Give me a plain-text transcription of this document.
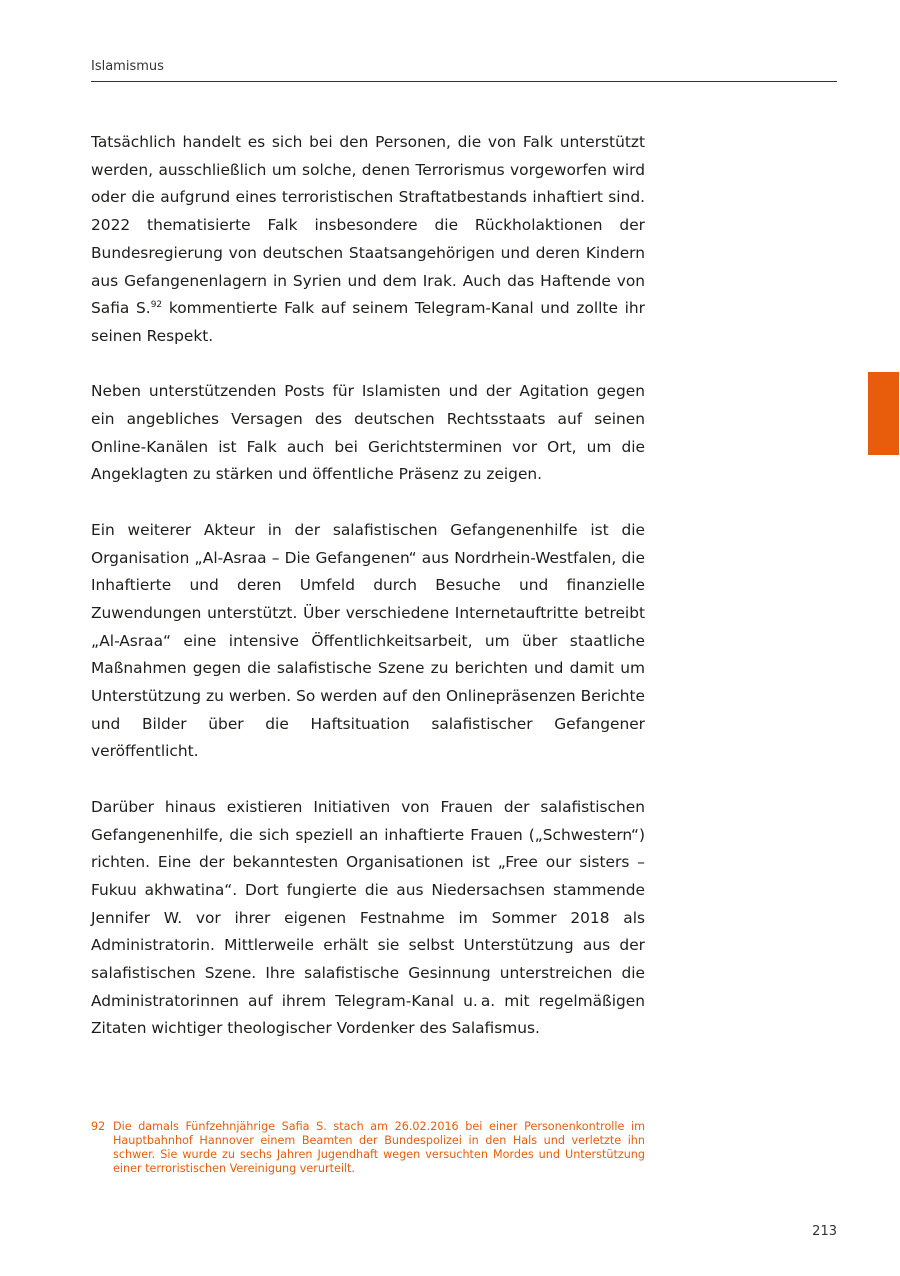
Islamismus

Tatsächlich handelt es sich bei den Personen, die von Falk unterstützt werden, ausschließlich um solche, denen Terrorismus vorgeworfen wird oder die aufgrund eines terroristischen Straftatbestands inhaftiert sind. 2022 thematisierte Falk insbesondere die Rückholaktionen der Bundesregierung von deutschen Staatsangehörigen und deren Kindern aus Gefangenenlagern in Syrien und dem Irak. Auch das Haftende von Safia S.$^{92}$ kommentierte Falk auf seinem Telegram-Kanal und zollte ihr seinen Respekt.

Neben unterstützenden Posts für Islamisten und der Agitation gegen ein angebliches Versagen des deutschen Rechtsstaats auf seinen Online-Kanälen ist Falk auch bei Gerichtsterminen vor Ort, um die Angeklagten zu stärken und öffentliche Präsenz zu zeigen.

Ein weiterer Akteur in der salafistischen Gefangenenhilfe ist die Organisation „Al-Asraa – Die Gefangenen“ aus Nordrhein-Westfalen, die Inhaftierte und deren Umfeld durch Besuche und finanzielle Zuwendungen unterstützt. Über verschiedene Internetauftritte betreibt „Al-Asraa“ eine intensive Öffentlichkeitsarbeit, um über staatliche Maßnahmen gegen die salafistische Szene zu berichten und damit um Unterstützung zu werben. So werden auf den Onlinepräsenzen Berichte und Bilder über die Haftsituation salafistischer Gefangener veröffentlicht.

Darüber hinaus existieren Initiativen von Frauen der salafistischen Gefangenenhilfe, die sich speziell an inhaftierte Frauen („Schwestern“) richten. Eine der bekanntesten Organisationen ist „Free our sisters – Fukuu akhwatina“. Dort fungierte die aus Niedersachsen stammende Jennifer W. vor ihrer eigenen Festnahme im Sommer 2018 als Administratorin. Mittlerweile erhält sie selbst Unterstützung aus der salafistischen Szene. Ihre salafistische Gesinnung unterstreichen die Administratorinnen auf ihrem Telegram-Kanal u. a. mit regelmäßigen Zitaten wichtiger theologischer Vordenker des Salafismus.

92 Die damals Fünfzehnjährige Safia S. stach am 26.02.2016 bei einer Personenkontrolle im Hauptbahnhof Hannover einem Beamten der Bundespolizei in den Hals und verletzte ihn schwer. Sie wurde zu sechs Jahren Jugendhaft wegen versuchten Mordes und Unterstützung einer terroristischen Vereinigung verurteilt.

213
